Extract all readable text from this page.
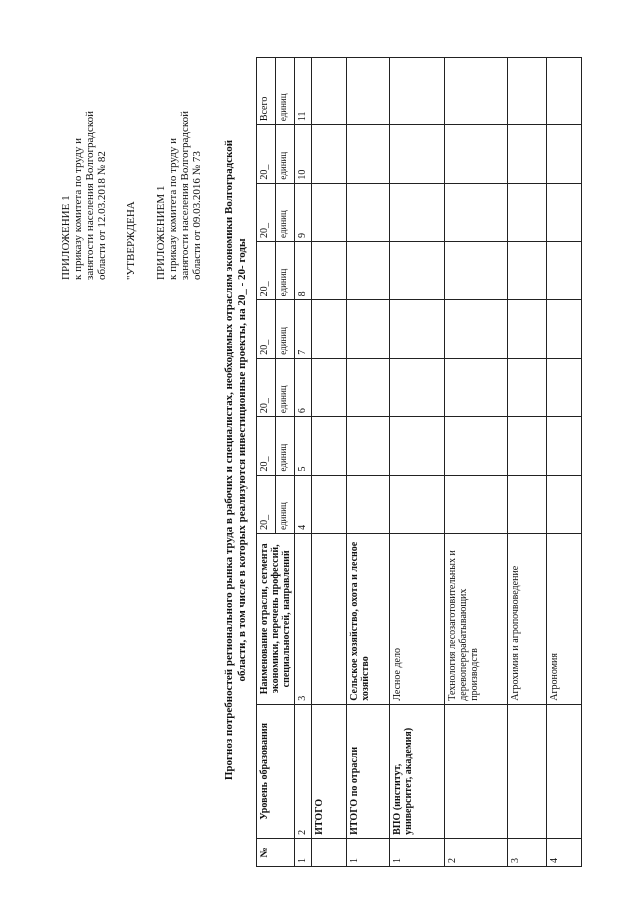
ПРИЛОЖЕНИЕ 1 к приказу комитета по труду и занятости населения Волгоградской области от 12.03.2018 № 82 "УТВЕРЖДЕНА ПРИЛОЖЕНИЕМ 1 к приказу комитета по труду и занятости населения Волгоградской области от 09.03.2016 № 73 Прогноз потребностей регионального рынка труда в рабочих и специалистах, необходимых отраслям экономики Волгоградской области, в том числе в которых реализуются инвестиционные проекты, на 20_ - 20- годы
№	Уровень образования	Наименование отрасли, сегмента экономики, перечень профессий, специальностей, направлений	20_	20_	20_	20_	20_	20_	20_	Всего
			единиц	единиц	единиц	единиц	единиц	единиц	единиц	единиц
1	2	3	4	5	6	7	8	9	10	11
	ИТОГО									
1	ИТОГО по отрасли	Сельское хозяйство, охота и лесное хозяйство								
1	ВПО (институт, университет, академия)	Лесное дело								
2		Технология лесозаготовительных и деревоперерабатывающих производств								
3		Агрохимия и агропочвоведение								
4		Агрономия								
